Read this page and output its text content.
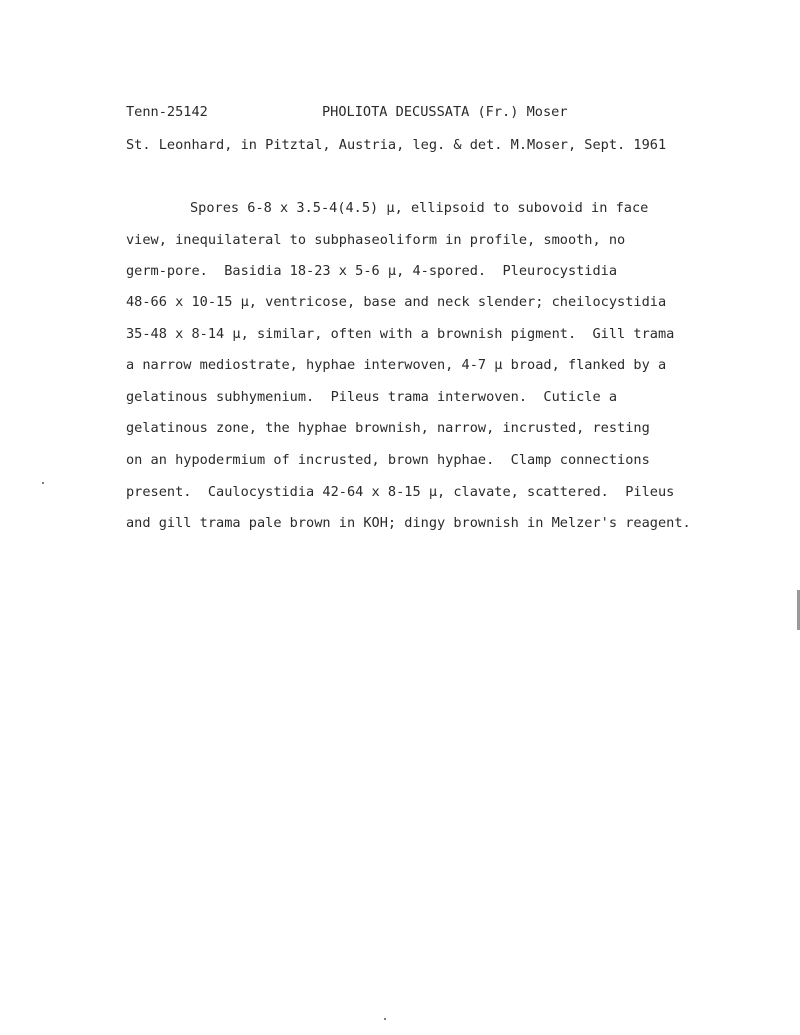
Tenn-25142	PHOLIOTA DECUSSATA (Fr.) Moser
St. Leonhard, in Pitztal, Austria, leg. & det. M.Moser, Sept. 1961
Spores 6-8 x 3.5-4(4.5) µ, ellipsoid to subovoid in face
view, inequilateral to subphaseoliform in profile, smooth, no
germ-pore.  Basidia 18-23 x 5-6 µ, 4-spored.  Pleurocystidia
48-66 x 10-15 µ, ventricose, base and neck slender; cheilocystidia
35-48 x 8-14 µ, similar, often with a brownish pigment.  Gill trama
a narrow mediostrate, hyphae interwoven, 4-7 µ broad, flanked by a
gelatinous subhymenium.  Pileus trama interwoven.  Cuticle a
gelatinous zone, the hyphae brownish, narrow, incrusted, resting
on an hypodermium of incrusted, brown hyphae.  Clamp connections
present.  Caulocystidia 42-64 x 8-15 µ, clavate, scattered.  Pileus
and gill trama pale brown in KOH; dingy brownish in Melzer's reagent.
